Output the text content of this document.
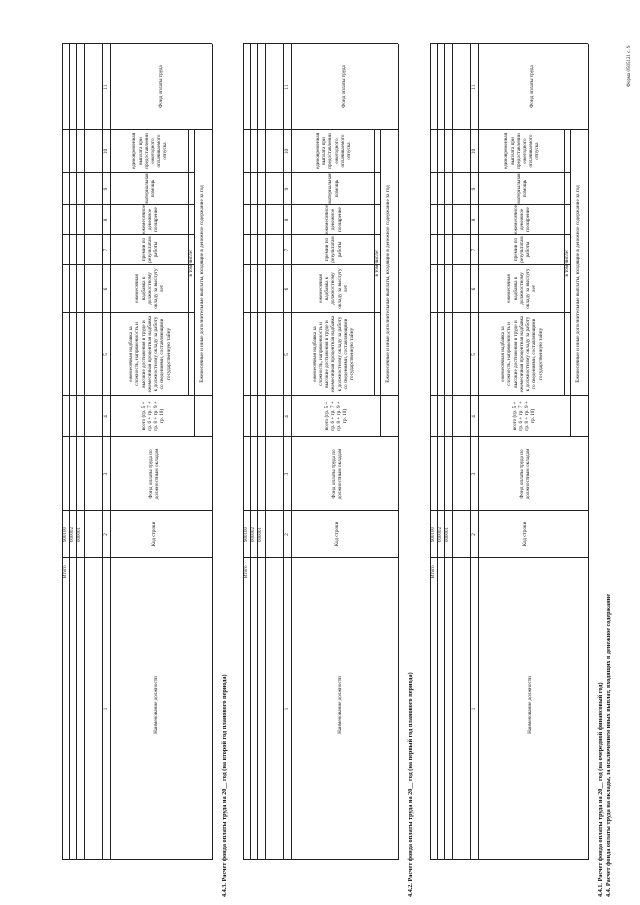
Форма 0505121 с. 9
4.4. Расчет фонда оплаты труда на оклады, за исключением иных выплат, входящих в денежное содержание
4.4.1. Расчет фонда оплаты труда на 20__ год (на очередной финансовый год)
Наименование должности
Код строки
Фонд оплаты труда по должностным окладам
Ежемесячные и иные дополнительные выплаты, входящие в денежное содержание за год
всего (гр. 5 + гр. 6 + гр. 7 + гр. 8 + гр. 9 + гр. 10)
в том числе:
ежемесячная надбавка за сложность, напряженность и высокие достижения в труде и ежемесячная процентная надбавка к должностному окладу за работу со сведениями, составляющими государственную тайну
ежемесячная надбавка к должностному окладу за выслугу лет
премии по результатам работы
ежемесячное денежное поощрение
материальная помощь
единовременная выплата при предоставлении ежегодного оплачиваемого отпуска
Фонд оплаты труда
1
2
3
4
5
6
7
8
9
10
11
000001
000002
Итого
900100
4.4.2. Расчет фонда оплаты труда на 20__ год (на первый год планового периода)
Наименование должности
Код строки
Фонд оплаты труда по должностным окладам
Ежемесячные и иные дополнительные выплаты, входящие в денежное содержание за год
всего (гр. 5 + гр. 6 + гр. 7 + гр. 8 + гр. 9 + гр. 10)
в том числе:
ежемесячная надбавка за сложность, напряженность и высокие достижения в труде и ежемесячная процентная надбавка к должностному окладу за работу со сведениями, составляющими государственную тайну
ежемесячная надбавка к должностному окладу за выслугу лет
премии по результатам работы
ежемесячное денежное поощрение
материальная помощь
единовременная выплата при предоставлении ежегодного оплачиваемого отпуска
Фонд оплаты труда
1
2
3
4
5
6
7
8
9
10
11
000001
000002
Итого
900100
4.4.3. Расчет фонда оплаты труда на 20__ год (на второй год планового периода)
Наименование должности
Код строки
Фонд оплаты труда по должностным окладам
Ежемесячные и иные дополнительные выплаты, входящие в денежное содержание за год
всего (гр. 5 + гр. 6 + гр. 7 + гр. 8 + гр. 9 + гр. 10)
в том числе:
ежемесячная надбавка за сложность, напряженность и высокие достижения в труде и ежемесячная процентная надбавка к должностному окладу за работу со сведениями, составляющими государственную тайну
ежемесячная надбавка к должностному окладу за выслугу лет
премии по результатам работы
ежемесячное денежное поощрение
материальная помощь
единовременная выплата при предоставлении ежегодного оплачиваемого отпуска
Фонд оплаты труда
1
2
3
4
5
6
7
8
9
10
11
000001
000002
Итого
900100
